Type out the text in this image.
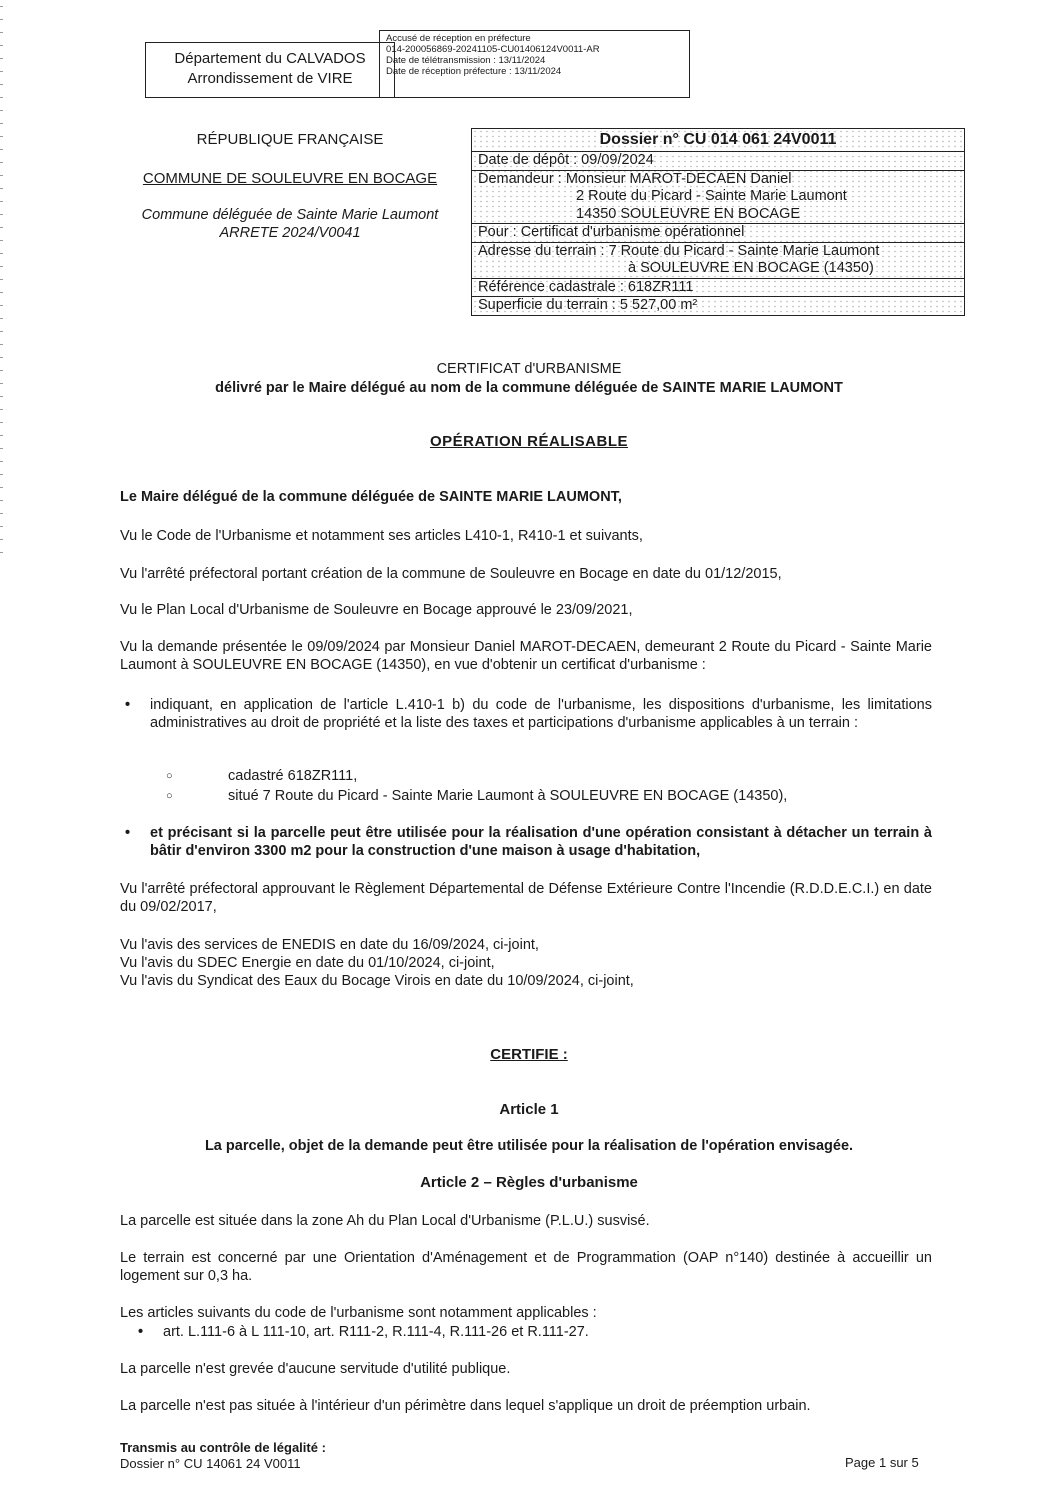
Département du CALVADOS
Arrondissement de VIRE
Accusé de réception en préfecture
014-200056869-20241105-CU01406124V0011-AR
Date de télétransmission : 13/11/2024
Date de réception préfecture : 13/11/2024
RÉPUBLIQUE FRANÇAISE
COMMUNE DE SOULEUVRE EN BOCAGE
Commune déléguée de Sainte Marie Laumont
ARRETE 2024/V0041
Dossier n° CU 014 061 24V0011
Date de dépôt : 09/09/2024
Demandeur : Monsieur MAROT-DECAEN Daniel
2 Route du Picard - Sainte Marie Laumont
14350 SOULEUVRE EN BOCAGE
Pour : Certificat d'urbanisme opérationnel
Adresse du terrain : 7 Route du Picard - Sainte Marie Laumont
à SOULEUVRE EN BOCAGE (14350)
Référence cadastrale : 618ZR111
Superficie du terrain : 5 527,00 m²
CERTIFICAT d'URBANISME
délivré par le Maire délégué au nom de la commune déléguée de SAINTE MARIE LAUMONT
OPÉRATION RÉALISABLE
Le Maire délégué de la commune déléguée de SAINTE MARIE LAUMONT,
Vu le Code de l'Urbanisme et notamment ses articles L410-1, R410-1 et suivants,
Vu l'arrêté préfectoral portant création de la commune de Souleuvre en Bocage en date du 01/12/2015,
Vu le Plan Local d'Urbanisme de Souleuvre en Bocage approuvé le 23/09/2021,
Vu la demande présentée le 09/09/2024 par Monsieur Daniel MAROT-DECAEN, demeurant 2 Route du Picard - Sainte Marie Laumont à SOULEUVRE EN BOCAGE (14350), en vue d'obtenir un certificat d'urbanisme :
• indiquant, en application de l'article L.410-1 b) du code de l'urbanisme, les dispositions d'urbanisme, les limitations administratives au droit de propriété et la liste des taxes et participations d'urbanisme applicables à un terrain :
○	cadastré 618ZR111,
○	situé 7 Route du Picard - Sainte Marie Laumont à SOULEUVRE EN BOCAGE (14350),
• et précisant si la parcelle peut être utilisée pour la réalisation d'une opération consistant à détacher un terrain à bâtir d'environ 3300 m2 pour la construction d'une maison à usage d'habitation,
Vu l'arrêté préfectoral approuvant le Règlement Départemental de Défense Extérieure Contre l'Incendie (R.D.D.E.C.I.) en date du 09/02/2017,
Vu l'avis des services de ENEDIS en date du 16/09/2024, ci-joint,
Vu l'avis du SDEC Energie en date du 01/10/2024, ci-joint,
Vu l'avis du Syndicat des Eaux du Bocage Virois en date du 10/09/2024, ci-joint,
CERTIFIE :
Article 1
La parcelle, objet de la demande peut être utilisée pour la réalisation de l'opération envisagée.
Article 2 – Règles d'urbanisme
La parcelle est située dans la zone Ah du Plan Local d'Urbanisme (P.L.U.) susvisé.
Le terrain est concerné par une Orientation d'Aménagement et de Programmation (OAP n°140) destinée à accueillir un logement sur 0,3 ha.
Les articles suivants du code de l'urbanisme sont notamment applicables :
• art. L.111-6 à L 111-10, art. R111-2, R.111-4, R.111-26 et R.111-27.
La parcelle n'est grevée d'aucune servitude d'utilité publique.
La parcelle n'est pas située à l'intérieur d'un périmètre dans lequel s'applique un droit de préemption urbain.
Transmis au contrôle de légalité :
Dossier n° CU 14061 24 V0011	Page 1 sur 5
